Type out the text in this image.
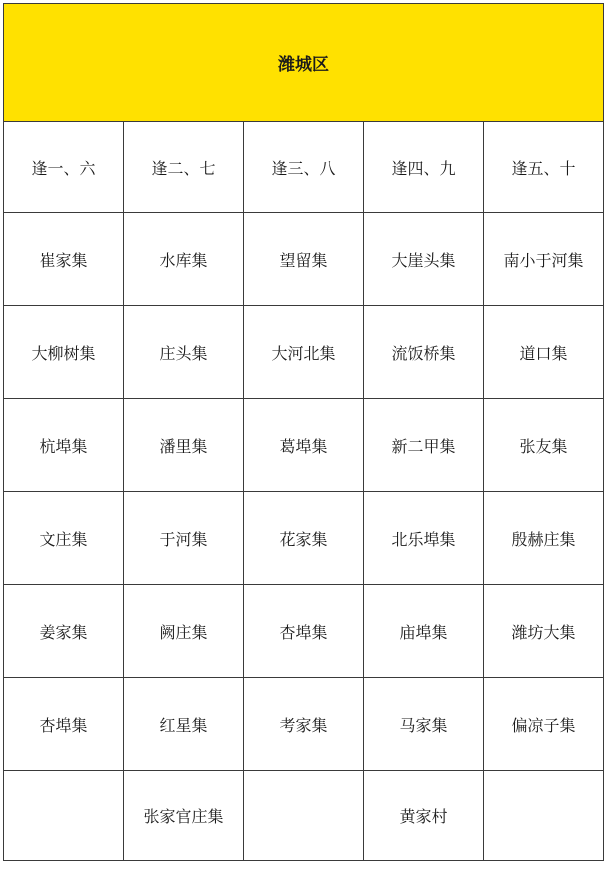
潍城区				
逢一、六	逢二、七	逢三、八	逢四、九	逢五、十
崔家集	水库集	望留集	大崖头集	南小于河集
大柳树集	庄头集	大河北集	流饭桥集	道口集
杭埠集	潘里集	葛埠集	新二甲集	张友集
文庄集	于河集	花家集	北乐埠集	殷赫庄集
姜家集	阙庄集	杏埠集	庙埠集	潍坊大集
杏埠集	红星集	考家集	马家集	偏凉子集
	张家官庄集		黄家村	
